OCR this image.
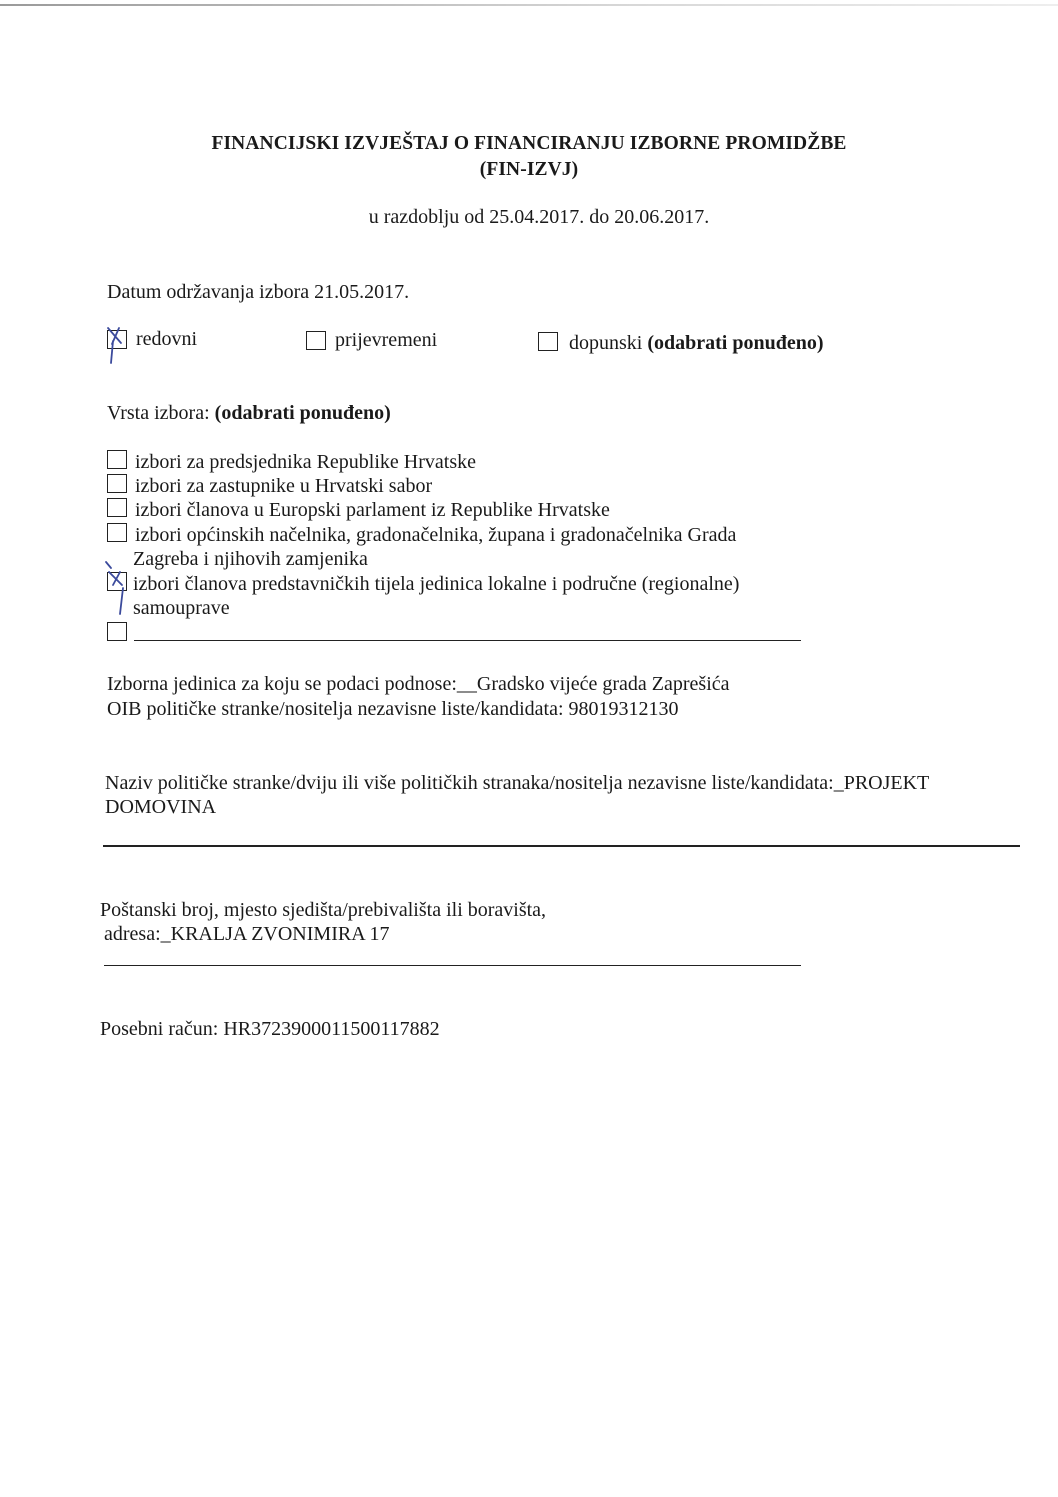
FINANCIJSKI IZVJEŠTAJ O FINANCIRANJU IZBORNE PROMIDŽBE
(FIN-IZVJ)
u razdoblju od 25.04.2017. do 20.06.2017.
Datum održavanja izbora 21.05.2017.
redovni	prijevremeni	dopunski (odabrati ponuđeno)
Vrsta izbora: (odabrati ponuđeno)
izbori za predsjednika Republike Hrvatske
izbori za zastupnike u Hrvatski sabor
izbori članova u Europski parlament iz Republike Hrvatske
izbori općinskih načelnika, gradonačelnika, župana i gradonačelnika Grada
Zagreba i njihovih zamjenika
izbori članova predstavničkih tijela jedinica lokalne i područne (regionalne)
samouprave
Izborna jedinica za koju se podaci podnose:__Gradsko vijeće grada Zaprešića
OIB političke stranke/nositelja nezavisne liste/kandidata: 98019312130
Naziv političke stranke/dviju ili više političkih stranaka/nositelja nezavisne liste/kandidata:_PROJEKT
DOMOVINA
Poštanski broj, mjesto sjedišta/prebivališta ili boravišta,
adresa:_KRALJA ZVONIMIRA 17
Posebni račun: HR3723900011500117882
